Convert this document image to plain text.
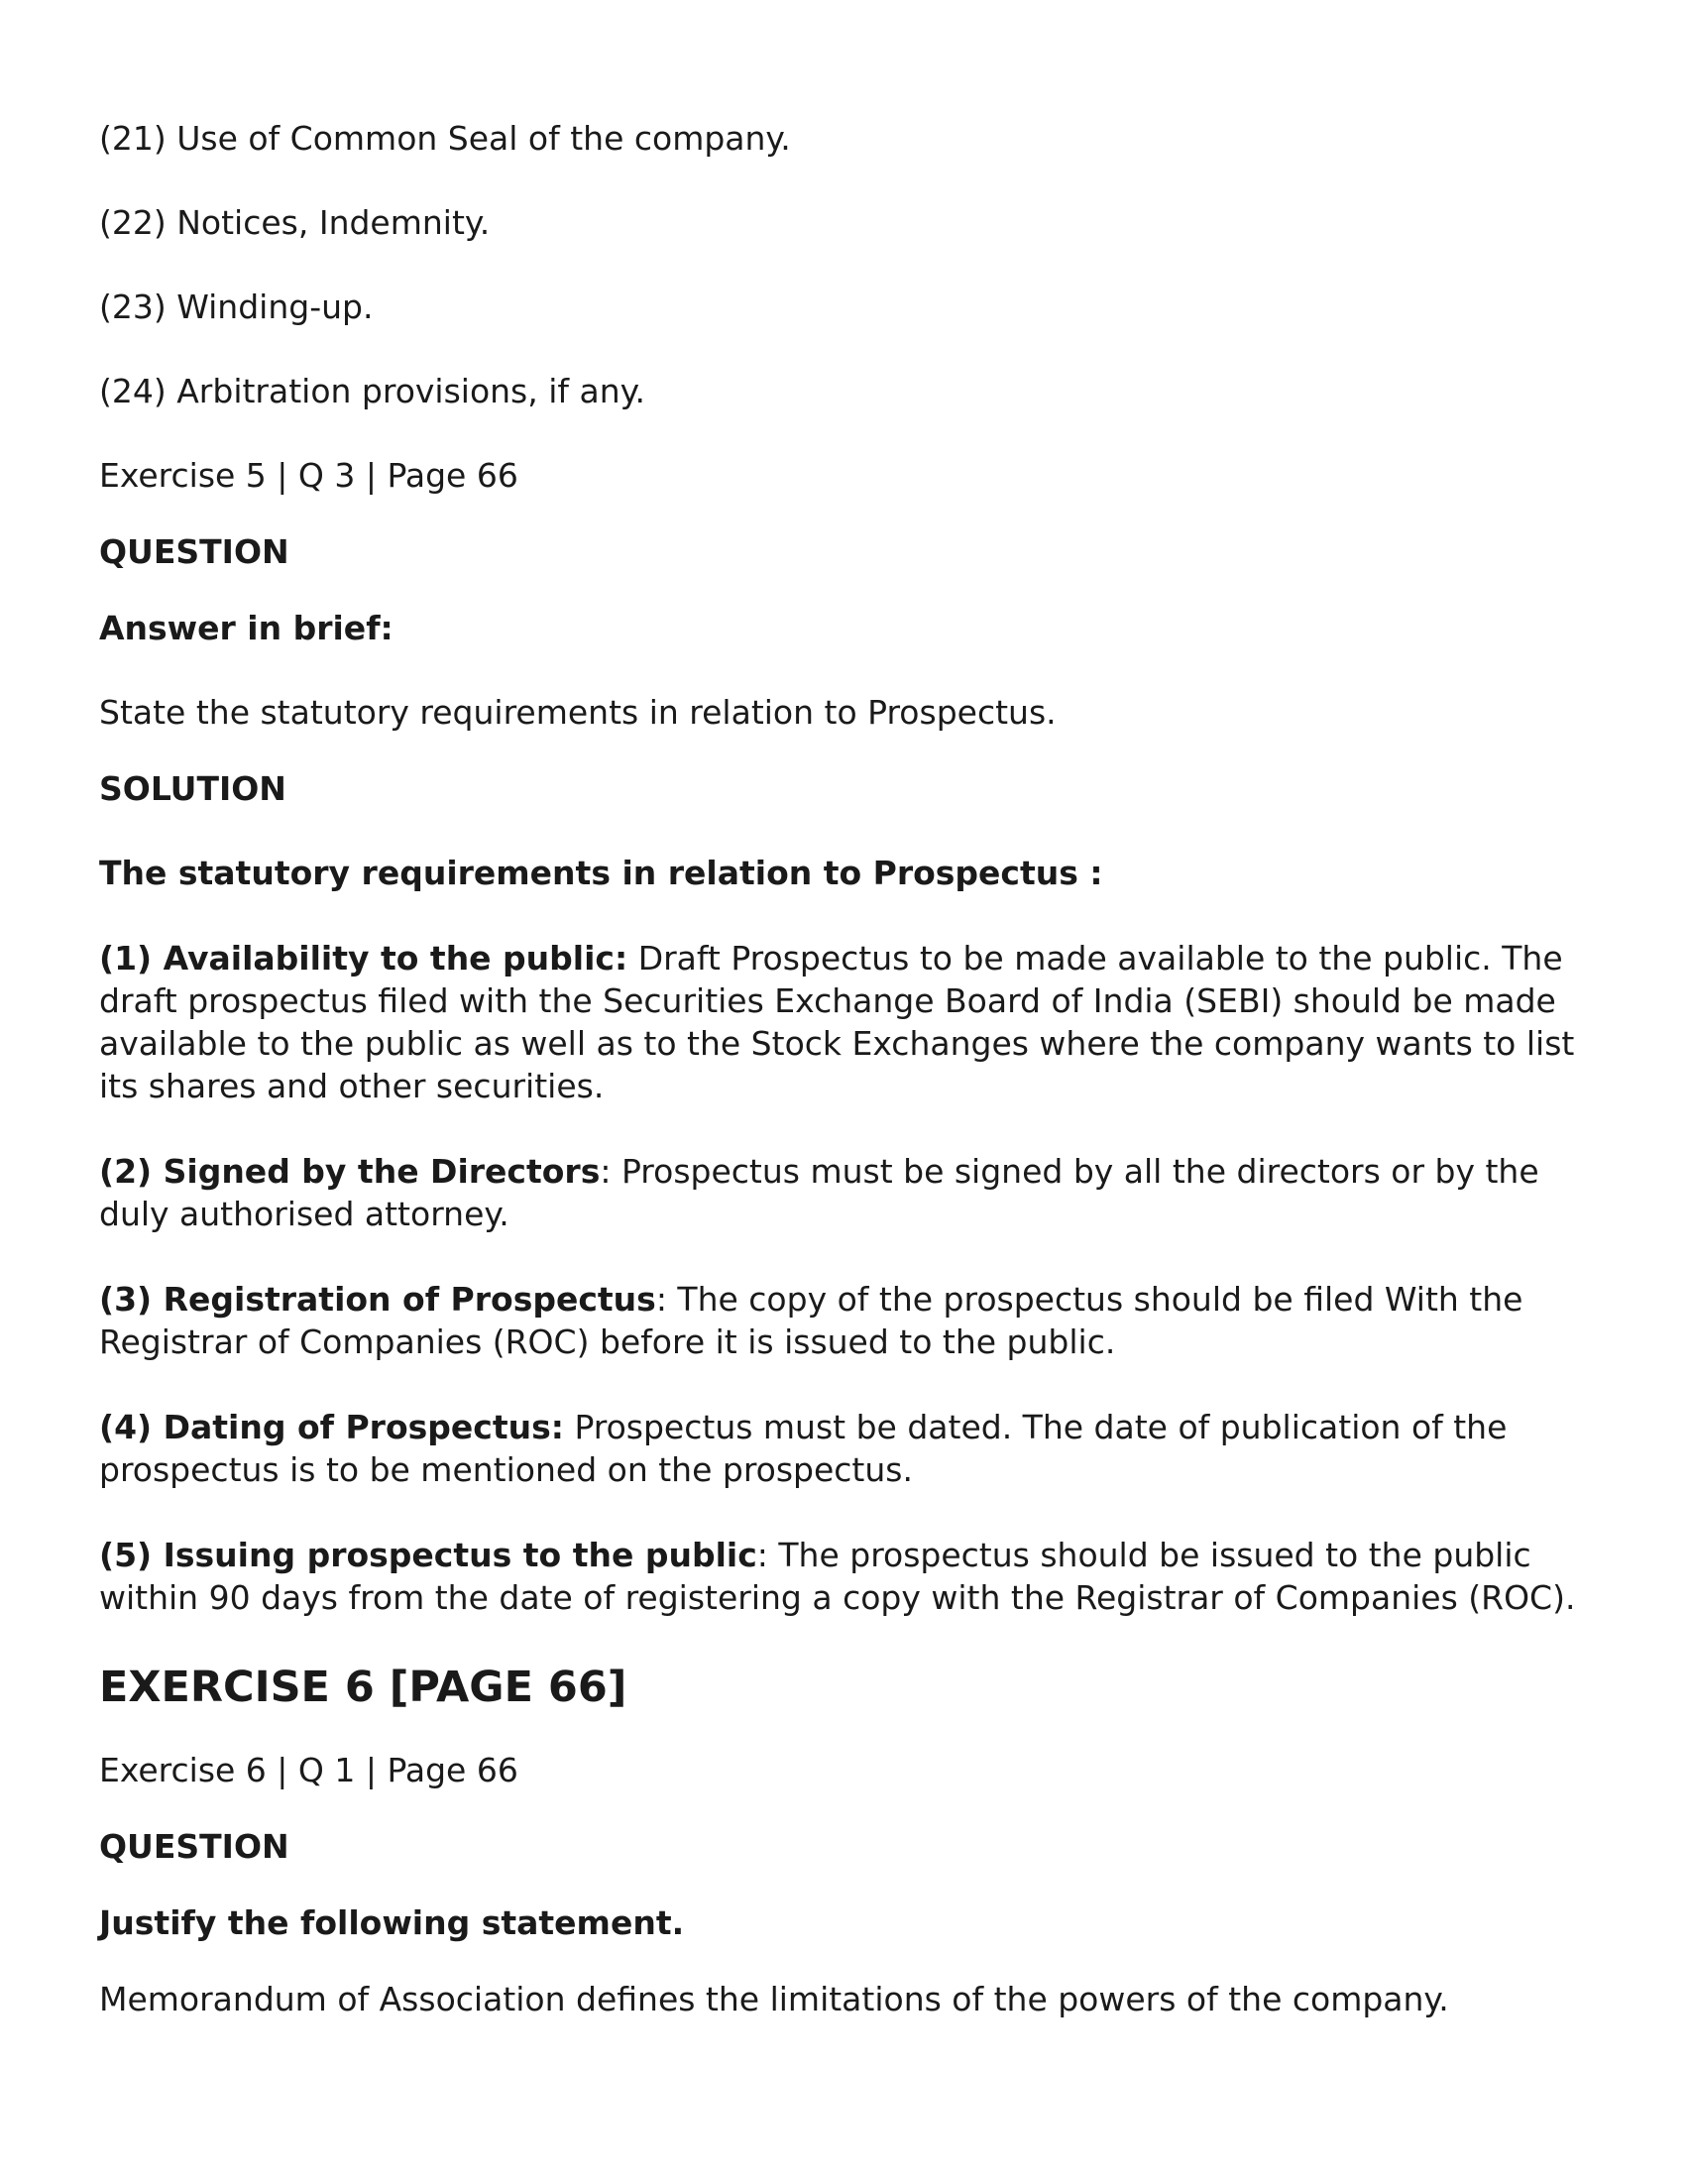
(21) Use of Common Seal of the company.

(22) Notices, Indemnity.

(23) Winding-up.

(24) Arbitration provisions, if any.

Exercise 5 | Q 3 | Page 66

QUESTION

Answer in brief:

State the statutory requirements in relation to Prospectus.

SOLUTION

The statutory requirements in relation to Prospectus :

(1) Availability to the public: Draft Prospectus to be made available to the public. The draft prospectus filed with the Securities Exchange Board of India (SEBI) should be made available to the public as well as to the Stock Exchanges where the company wants to list its shares and other securities.

(2) Signed by the Directors: Prospectus must be signed by all the directors or by the duly authorised attorney.

(3) Registration of Prospectus: The copy of the prospectus should be filed With the Registrar of Companies (ROC) before it is issued to the public.

(4) Dating of Prospectus: Prospectus must be dated. The date of publication of the prospectus is to be mentioned on the prospectus.

(5) Issuing prospectus to the public: The prospectus should be issued to the public within 90 days from the date of registering a copy with the Registrar of Companies (ROC).

EXERCISE 6 [PAGE 66]

Exercise 6 | Q 1 | Page 66

QUESTION

Justify the following statement.

Memorandum of Association defines the limitations of the powers of the company.
